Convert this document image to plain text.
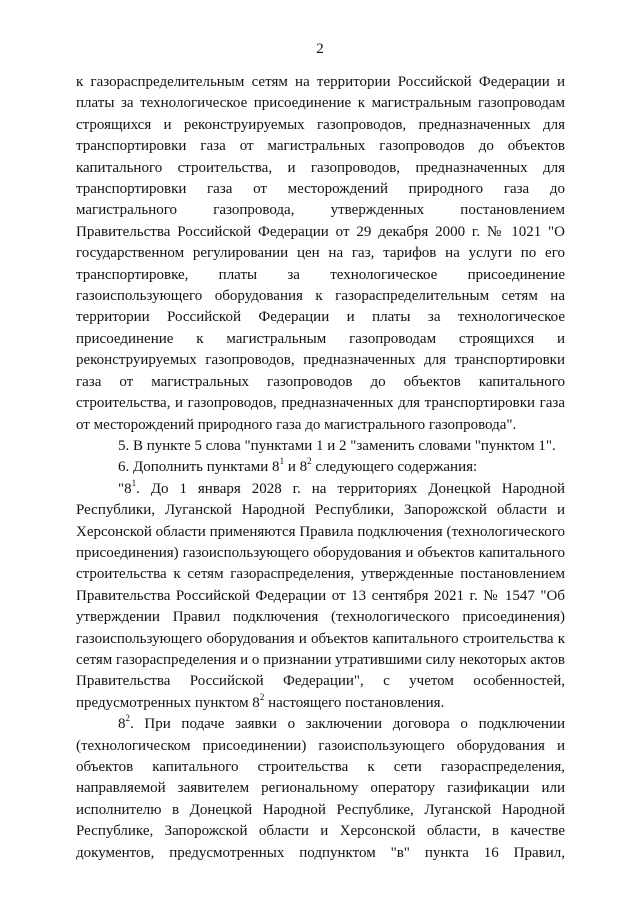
2

к газораспределительным сетям на территории Российской Федерации и платы за технологическое присоединение к магистральным газопроводам строящихся и реконструируемых газопроводов, предназначенных для транспортировки газа от магистральных газопроводов до объектов капитального строительства, и газопроводов, предназначенных для транспортировки газа от месторождений природного газа до магистрального газопровода, утвержденных постановлением Правительства Российской Федерации от 29 декабря 2000 г. № 1021 "О государственном регулировании цен на газ, тарифов на услуги по его транспортировке, платы за технологическое присоединение газоиспользующего оборудования к газораспределительным сетям на территории Российской Федерации и платы за технологическое присоединение к магистральным газопроводам строящихся и реконструируемых газопроводов, предназначенных для транспортировки газа от магистральных газопроводов до объектов капитального строительства, и газопроводов, предназначенных для транспортировки газа от месторождений природного газа до магистрального газопровода".

5. В пункте 5 слова "пунктами 1 и 2 "заменить словами "пунктом 1".

6. Дополнить пунктами $8^1$ и $8^2$ следующего содержания:

"$8^1$. До 1 января 2028 г. на территориях Донецкой Народной Республики, Луганской Народной Республики, Запорожской области и Херсонской области применяются Правила подключения (технологического присоединения) газоиспользующего оборудования и объектов капитального строительства к сетям газораспределения, утвержденные постановлением Правительства Российской Федерации от 13 сентября 2021 г. № 1547 "Об утверждении Правил подключения (технологического присоединения) газоиспользующего оборудования и объектов капитального строительства к сетям газораспределения и о признании утратившими силу некоторых актов Правительства Российской Федерации", с учетом особенностей, предусмотренных пунктом $8^2$ настоящего постановления.

$8^2$. При подаче заявки о заключении договора о подключении (технологическом присоединении) газоиспользующего оборудования и объектов капитального строительства к сети газораспределения, направляемой заявителем региональному оператору газификации или исполнителю в Донецкой Народной Республике, Луганской Народной Республике, Запорожской области и Херсонской области, в качестве документов, предусмотренных подпунктом "в" пункта 16 Правил,
